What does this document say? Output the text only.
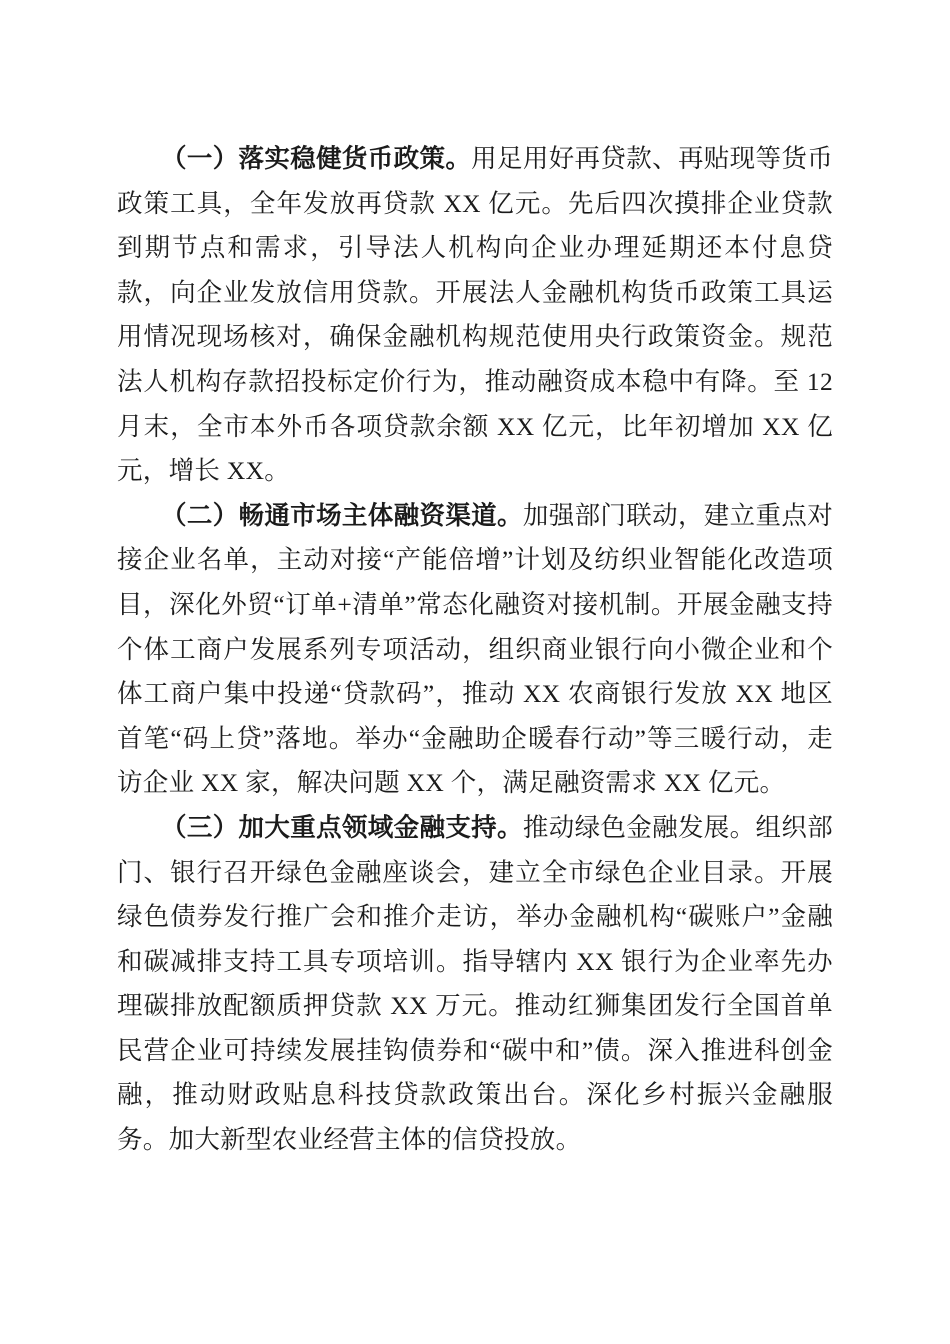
（一）落实稳健货币政策。用足用好再贷款、再贴现等货币政策工具，全年发放再贷款 XX 亿元。先后四次摸排企业贷款到期节点和需求，引导法人机构向企业办理延期还本付息贷款，向企业发放信用贷款。开展法人金融机构货币政策工具运用情况现场核对，确保金融机构规范使用央行政策资金。规范法人机构存款招投标定价行为，推动融资成本稳中有降。至 12 月末，全市本外币各项贷款余额 XX 亿元，比年初增加 XX 亿元，增长 XX。

（二）畅通市场主体融资渠道。加强部门联动，建立重点对接企业名单，主动对接“产能倍增”计划及纺织业智能化改造项目，深化外贸“订单+清单”常态化融资对接机制。开展金融支持个体工商户发展系列专项活动，组织商业银行向小微企业和个体工商户集中投递“贷款码”，推动 XX 农商银行发放 XX 地区首笔“码上贷”落地。举办“金融助企暖春行动”等三暖行动，走访企业 XX 家，解决问题 XX 个，满足融资需求 XX 亿元。

（三）加大重点领域金融支持。推动绿色金融发展。组织部门、银行召开绿色金融座谈会，建立全市绿色企业目录。开展绿色债券发行推广会和推介走访，举办金融机构“碳账户”金融和碳减排支持工具专项培训。指导辖内 XX 银行为企业率先办理碳排放配额质押贷款 XX 万元。推动红狮集团发行全国首单民营企业可持续发展挂钩债券和“碳中和”债。深入推进科创金融，推动财政贴息科技贷款政策出台。深化乡村振兴金融服务。加大新型农业经营主体的信贷投放。
